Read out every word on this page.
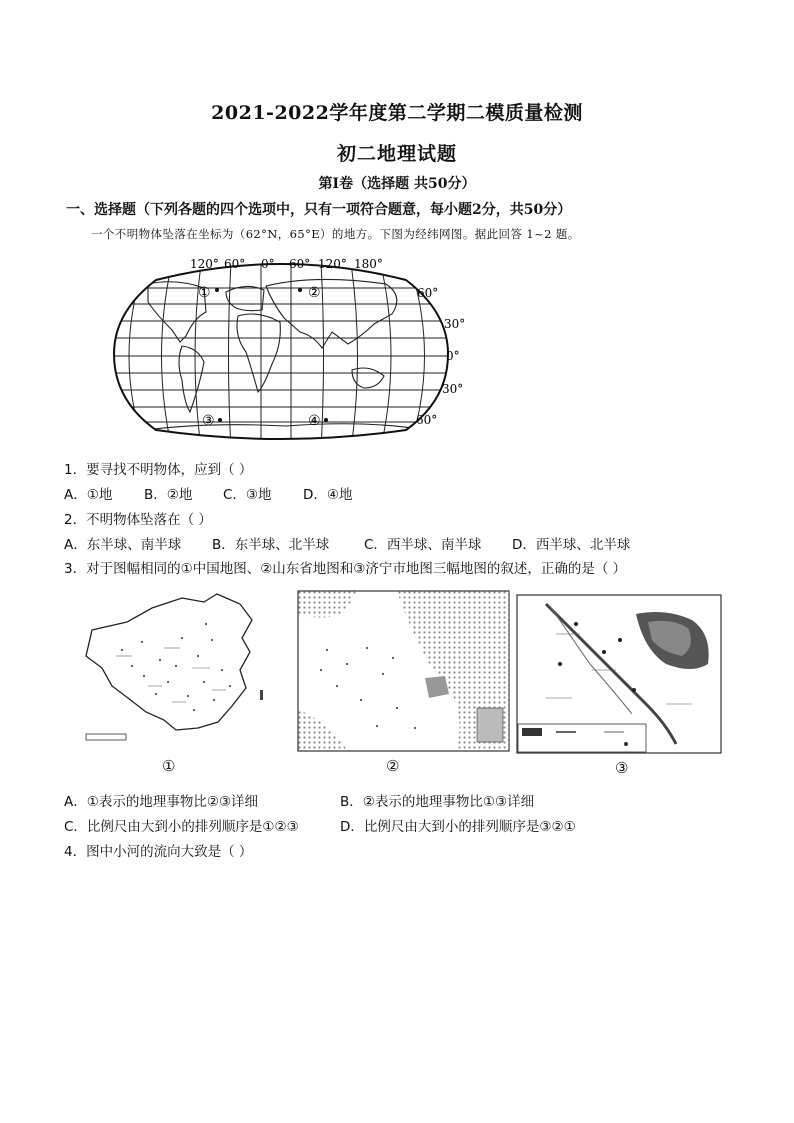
2021-2022学年度第二学期二模质量检测
初二地理试题
第Ⅰ卷（选择题 共50分）
一、选择题（下列各题的四个选项中，只有一项符合题意，每小题2分，共50分）
一个不明物体坠落在坐标为（62°N，65°E）的地方。下图为经纬网图。据此回答 1~2 题。
120° 60° 0° 60° 120° 180°
60°
30°
0°
30°
60°
①	②
③	④
1．要寻找不明物体，应到（ ）
A．①地 B．②地 C．③地 D．④地
2．不明物体坠落在（ ）
A．东半球、南半球 B．东半球、北半球	C．西半球、南半球 D．西半球、北半球
3．对于图幅相同的①中国地图、②山东省地图和③济宁市地图三幅地图的叙述，正确的是（ ）
①	②	③
A．①表示的地理事物比②③详细	B．②表示的地理事物比①③详细
C．比例尺由大到小的排列顺序是①②③	D．比例尺由大到小的排列顺序是③②①
4．图中小河的流向大致是（ ）
